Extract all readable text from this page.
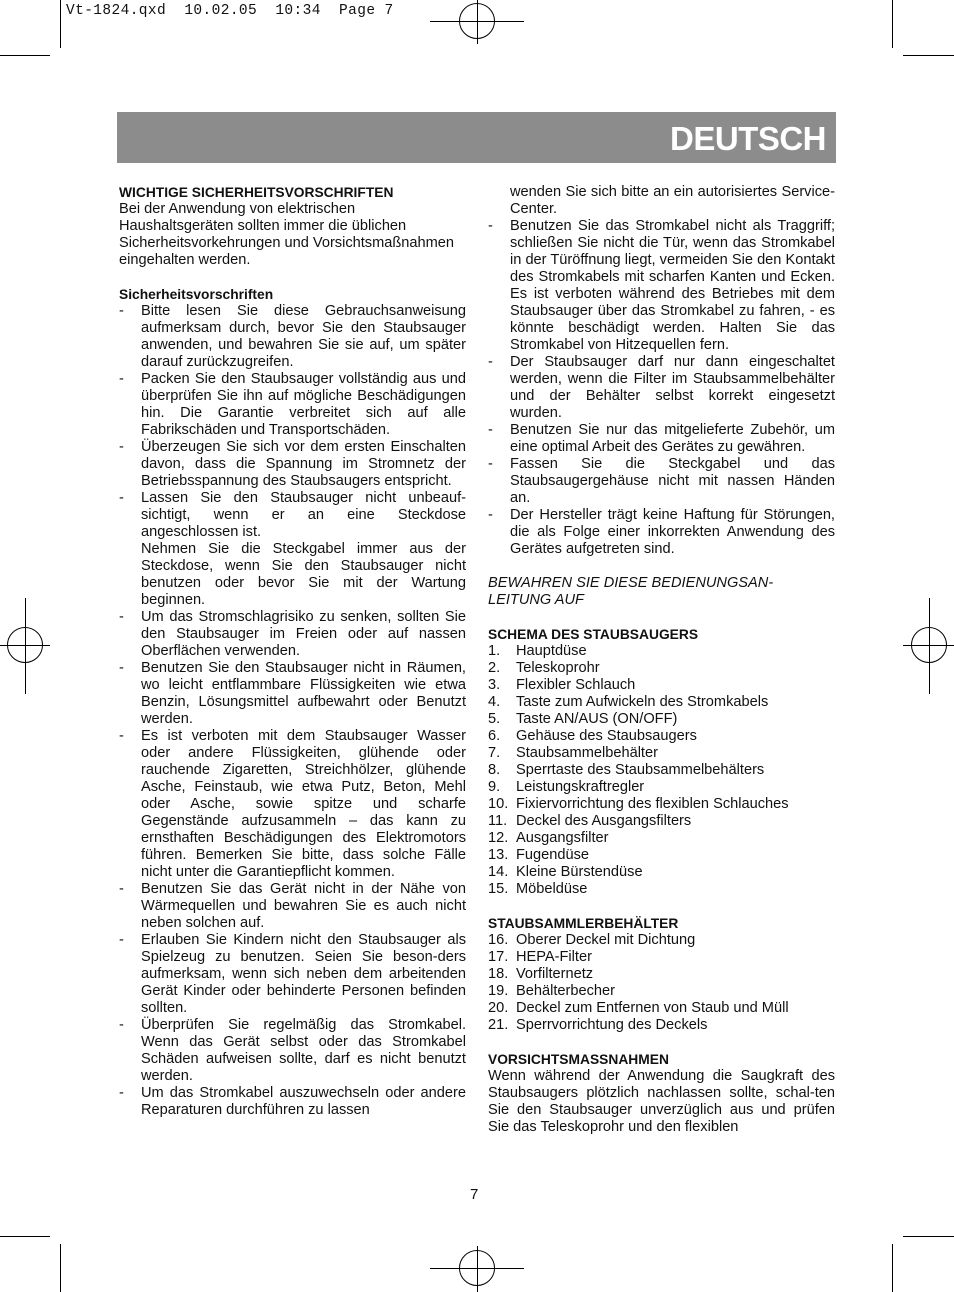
Vt-1824.qxd  10.02.05  10:34  Page 7
DEUTSCH

WICHTIGE SICHERHEITSVORSCHRIFTEN

Bei der Anwendung von elektrischen Haushaltsgeräten sollten immer die üblichen Sicherheitsvorkehrungen und Vorsichtsmaßnahmen eingehalten werden.

Sicherheitsvorschriften

- Bitte lesen Sie diese Gebrauchsanweisung aufmerksam durch, bevor Sie den Staubsauger anwenden, und bewahren Sie sie auf, um später darauf zurückzugreifen.
- Packen Sie den Staubsauger vollständig aus und überprüfen Sie ihn auf mögliche Beschädigungen hin. Die Garantie verbreitet sich auf alle Fabrikschäden und Transportschäden.
- Überzeugen Sie sich vor dem ersten Einschalten davon, dass die Spannung im Stromnetz der Betriebsspannung des Staubsaugers entspricht.
- Lassen Sie den Staubsauger nicht unbeauf-sichtigt, wenn er an eine Steckdose angeschlossen ist.
Nehmen Sie die Steckgabel immer aus der Steckdose, wenn Sie den Staubsauger nicht benutzen oder bevor Sie mit der Wartung beginnen.
- Um das Stromschlagrisiko zu senken, sollten Sie den Staubsauger im Freien oder auf nassen Oberflächen verwenden.
- Benutzen Sie den Staubsauger nicht in Räumen, wo leicht entflammbare Flüssigkeiten wie etwa Benzin, Lösungsmittel aufbewahrt oder Benutzt werden.
- Es ist verboten mit dem Staubsauger Wasser oder andere Flüssigkeiten, glühende oder rauchende Zigaretten, Streichhölzer, glühende Asche, Feinstaub, wie etwa Putz, Beton, Mehl oder Asche, sowie spitze und scharfe Gegenstände aufzusammeln – das kann zu ernsthaften Beschädigungen des Elektromotors führen. Bemerken Sie bitte, dass solche Fälle nicht unter die Garantiepflicht kommen.
- Benutzen Sie das Gerät nicht in der Nähe von Wärmequellen und bewahren Sie es auch nicht neben solchen auf.
- Erlauben Sie Kindern nicht den Staubsauger als Spielzeug zu benutzen. Seien Sie beson-ders aufmerksam, wenn sich neben dem arbeitenden Gerät Kinder oder behinderte Personen befinden sollten.
- Überprüfen Sie regelmäßig das Stromkabel. Wenn das Gerät selbst oder das Stromkabel Schäden aufweisen sollte, darf es nicht benutzt werden.
- Um das Stromkabel auszuwechseln oder andere Reparaturen durchführen zu lassen

wenden Sie sich bitte an ein autorisiertes Service-Center.

- Benutzen Sie das Stromkabel nicht als Traggriff; schließen Sie nicht die Tür, wenn das Stromkabel in der Türöffnung liegt, vermeiden Sie den Kontakt des Stromkabels mit scharfen Kanten und Ecken. Es ist verboten während des Betriebes mit dem Staubsauger über das Stromkabel zu fahren, - es könnte beschädigt werden. Halten Sie das Stromkabel von Hitzequellen fern.
- Der Staubsauger darf nur dann eingeschaltet werden, wenn die Filter im Staubsammelbehälter und der Behälter selbst korrekt eingesetzt wurden.
- Benutzen Sie nur das mitgelieferte Zubehör, um eine optimal Arbeit des Gerätes zu gewähren.
- Fassen Sie die Steckgabel und das Staubsaugergehäuse nicht mit nassen Händen an.
- Der Hersteller trägt keine Haftung für Störungen, die als Folge einer inkorrekten Anwendung des Gerätes aufgetreten sind.

BEWAHREN SIE DIESE BEDIENUNGSAN-
LEITUNG AUF

SCHEMA DES STAUBSAUGERS

1. Hauptdüse
2. Teleskoprohr
3. Flexibler Schlauch
4. Taste zum Aufwickeln des Stromkabels
5. Taste AN/AUS (ON/OFF)
6. Gehäuse des Staubsaugers
7. Staubsammelbehälter
8. Sperrtaste des Staubsammelbehälters
9. Leistungskraftregler
10. Fixiervorrichtung des flexiblen Schlauches
11. Deckel des Ausgangsfilters
12. Ausgangsfilter
13. Fugendüse
14. Kleine Bürstendüse
15. Möbeldüse

STAUBSAMMLERBEHÄLTER

16. Oberer Deckel mit Dichtung
17. HEPA-Filter
18. Vorfilternetz
19. Behälterbecher
20. Deckel zum Entfernen von Staub und Müll
21. Sperrvorrichtung des Deckels

VORSICHTSMASSNAHMEN

Wenn während der Anwendung die Saugkraft des Staubsaugers plötzlich nachlassen sollte, schal-ten Sie den Staubsauger unverzüglich aus und prüfen Sie das Teleskoprohr und den flexiblen

7
